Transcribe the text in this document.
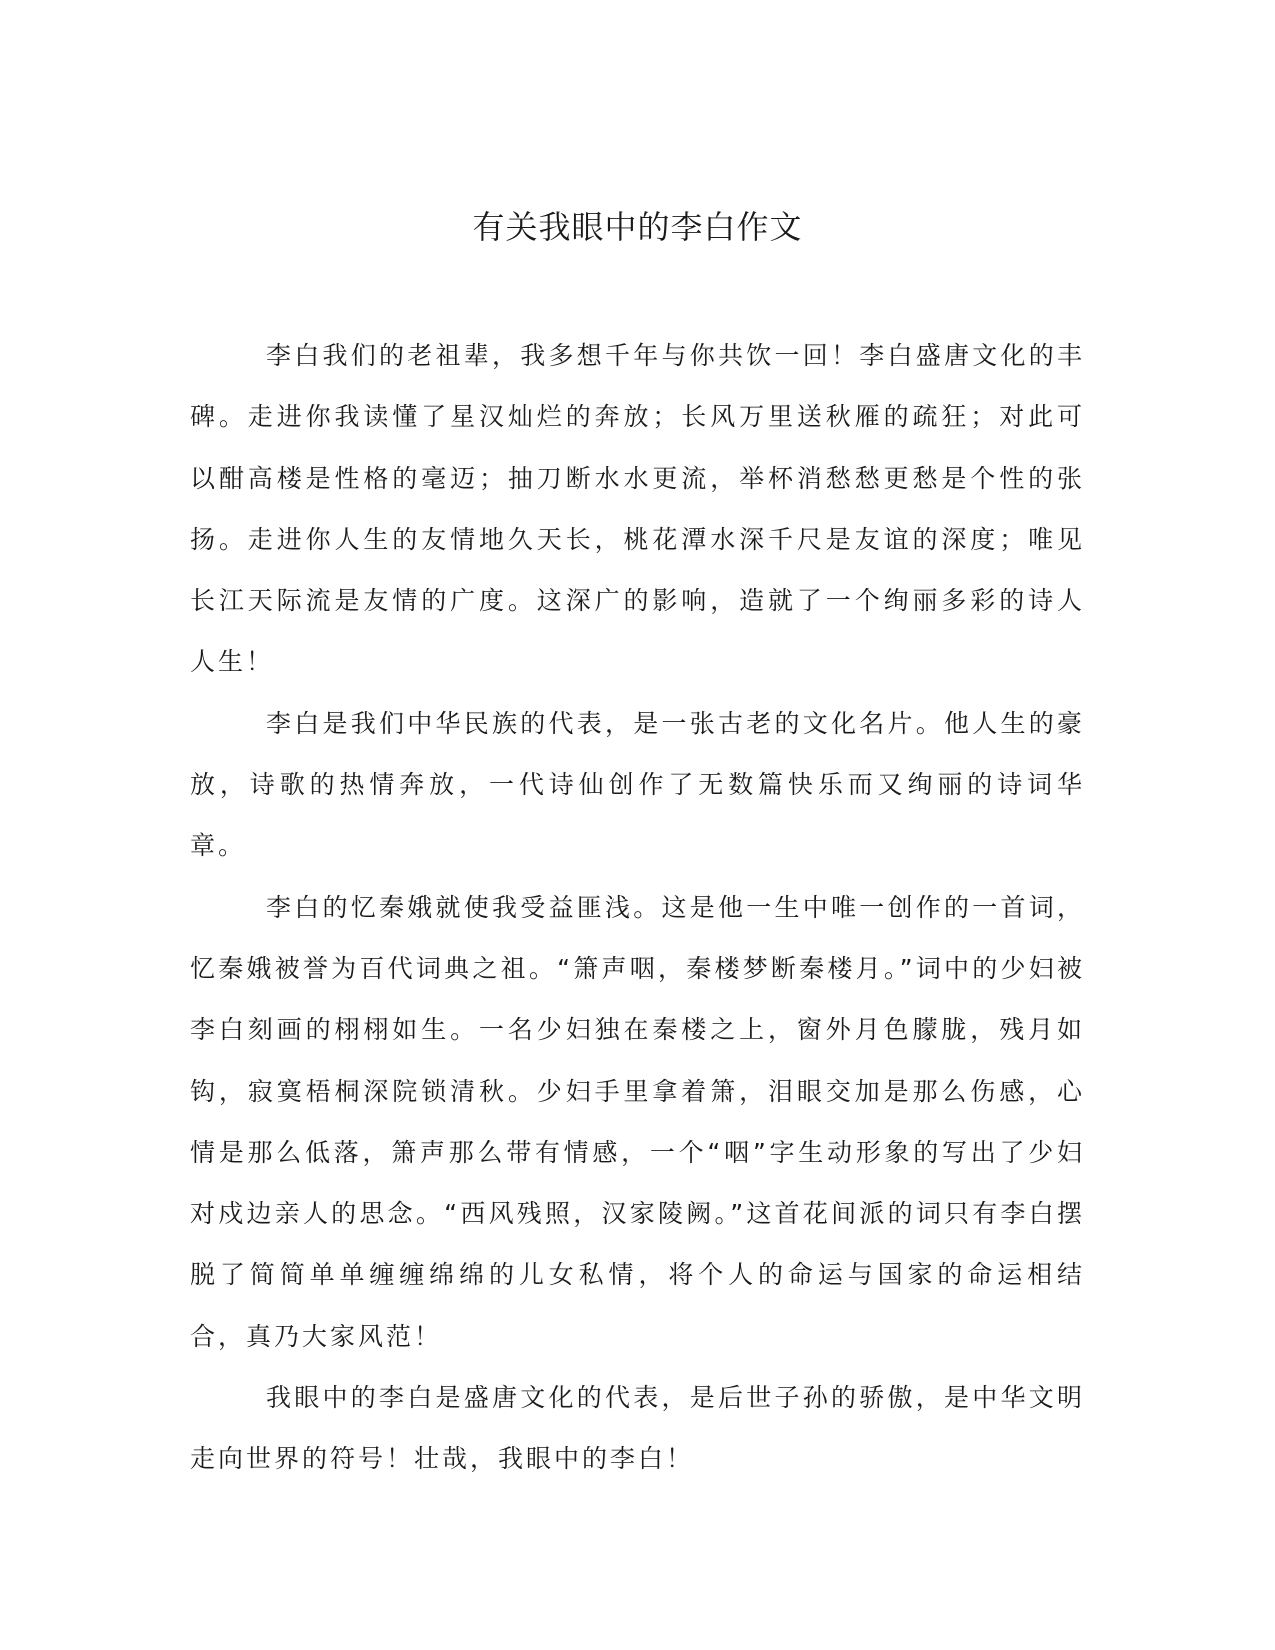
有关我眼中的李白作文

李白我们的老祖辈，我多想千年与你共饮一回！李白盛唐文化的丰碑。走进你我读懂了星汉灿烂的奔放；长风万里送秋雁的疏狂；对此可以酣高楼是性格的毫迈；抽刀断水水更流，举杯消愁愁更愁是个性的张扬。走进你人生的友情地久天长，桃花潭水深千尺是友谊的深度；唯见长江天际流是友情的广度。这深广的影响，造就了一个绚丽多彩的诗人人生！

李白是我们中华民族的代表，是一张古老的文化名片。他人生的豪放，诗歌的热情奔放，一代诗仙创作了无数篇快乐而又绚丽的诗词华章。

李白的忆秦娥就使我受益匪浅。这是他一生中唯一创作的一首词，忆秦娥被誉为百代词典之祖。“箫声咽，秦楼梦断秦楼月。”词中的少妇被李白刻画的栩栩如生。一名少妇独在秦楼之上，窗外月色朦胧，残月如钩，寂寞梧桐深院锁清秋。少妇手里拿着箫，泪眼交加是那么伤感，心情是那么低落，箫声那么带有情感，一个“咽”字生动形象的写出了少妇对戍边亲人的思念。“西风残照，汉家陵阙。”这首花间派的词只有李白摆脱了简简单单缠缠绵绵的儿女私情，将个人的命运与国家的命运相结合，真乃大家风范！

我眼中的李白是盛唐文化的代表，是后世子孙的骄傲，是中华文明走向世界的符号！壮哉，我眼中的李白！
